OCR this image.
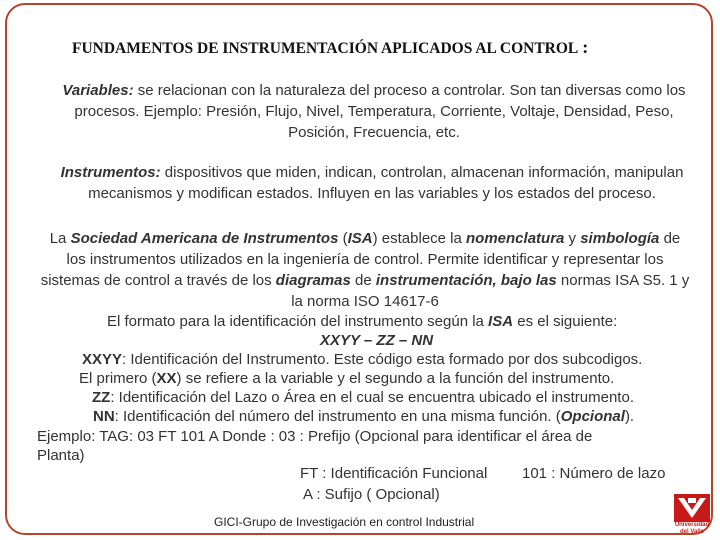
FUNDAMENTOS DE INSTRUMENTACIÓN APLICADOS AL CONTROL :
Variables: se relacionan con la naturaleza del proceso a controlar. Son tan diversas como los procesos. Ejemplo: Presión, Flujo, Nivel, Temperatura, Corriente, Voltaje, Densidad, Peso, Posición, Frecuencia, etc.
Instrumentos: dispositivos que miden, indican, controlan, almacenan información, manipulan mecanismos y modifican estados. Influyen en las variables y los estados del proceso.
La Sociedad Americana de Instrumentos (ISA) establece la nomenclatura y simbología de los instrumentos utilizados en la ingeniería de control. Permite identificar y representar los sistemas de control a través de los diagramas de instrumentación, bajo las normas ISA S5. 1 y la norma ISO 14617-6
El formato para la identificación del instrumento según la ISA es el siguiente:
XXYY – ZZ – NN
XXYY: Identificación del Instrumento. Este código esta formado por dos subcodigos.
El primero (XX) se refiere a la variable y el segundo a la función del instrumento.
ZZ: Identificación del Lazo o Área en el cual se encuentra ubicado el instrumento.
NN: Identificación del número del instrumento en una misma función. (Opcional).
Ejemplo: TAG: 03 FT 101 A Donde : 03 : Prefijo (Opcional para identificar el área de
Planta)
FT : Identificación Funcional 101 : Número de lazo
A : Sufijo ( Opcional)
GICI-Grupo de Investigación en control Industrial	Universidad
del Valle
